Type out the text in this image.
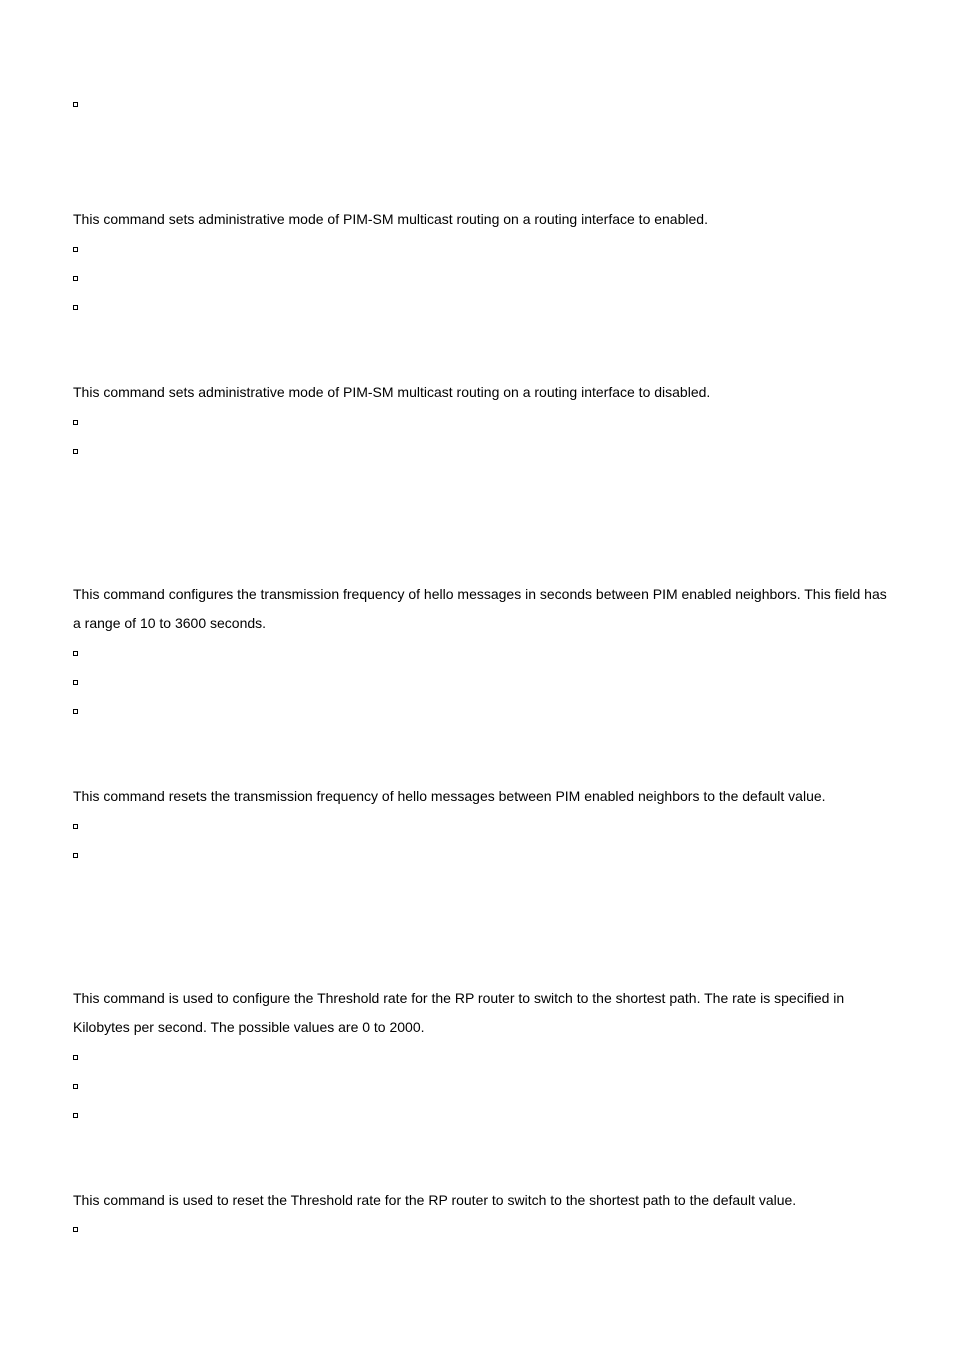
This command sets administrative mode of PIM-SM multicast routing on a routing interface to enabled.

This command sets administrative mode of PIM-SM multicast routing on a routing interface to disabled.

This command configures the transmission frequency of hello messages in seconds between PIM enabled neighbors. This field has a range of 10 to 3600 seconds.

This command resets the transmission frequency of hello messages between PIM enabled neighbors to the default value.

This command is used to configure the Threshold rate for the RP router to switch to the shortest path. The rate is specified in Kilobytes per second. The possible values are 0 to 2000.

This command is used to reset the Threshold rate for the RP router to switch to the shortest path to the default value.
